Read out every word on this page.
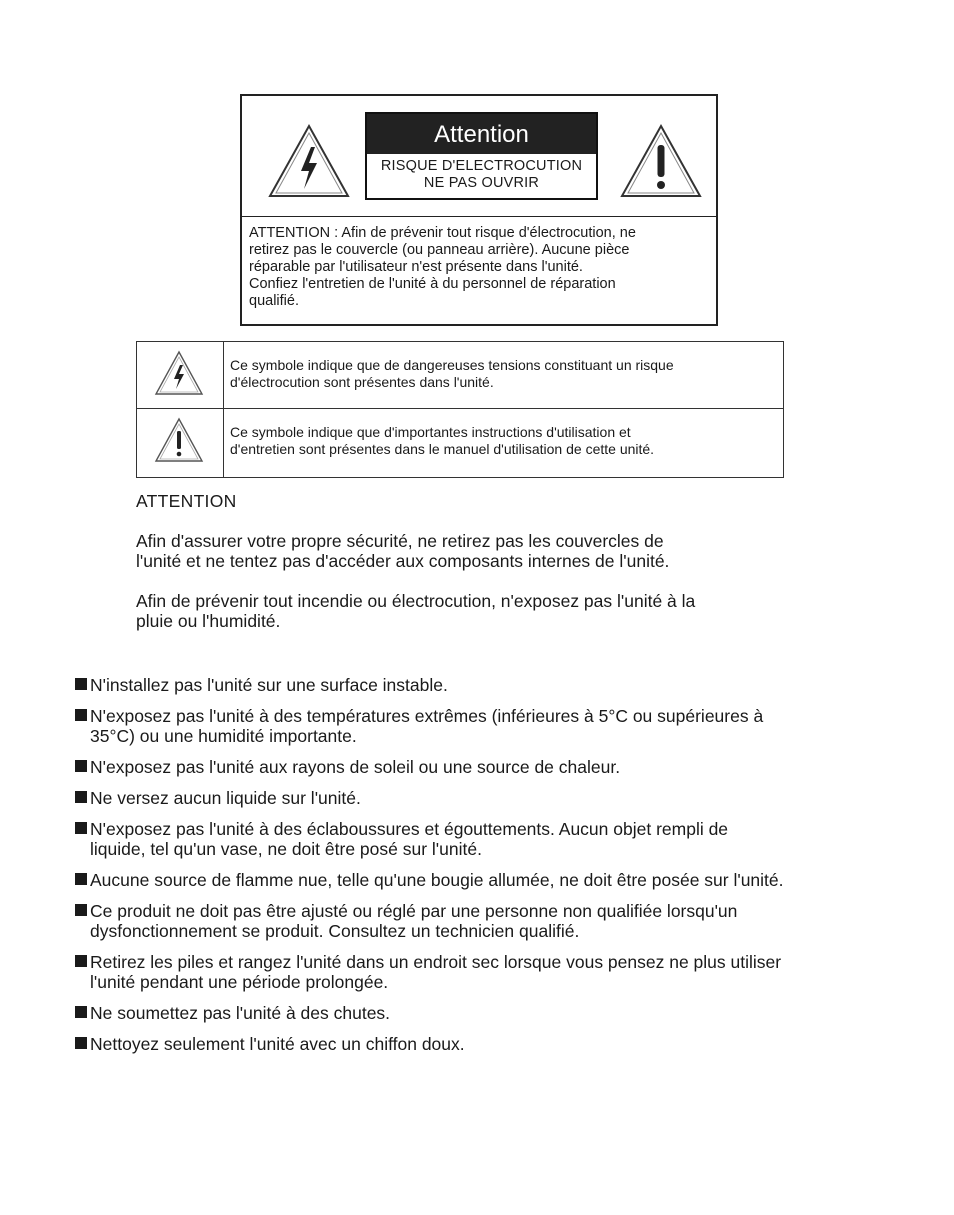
Attention
RISQUE D'ELECTROCUTION
NE PAS OUVRIR
ATTENTION : Afin de prévenir tout risque d'électrocution, ne
retirez pas le couvercle (ou panneau arrière). Aucune pièce
réparable par l'utilisateur n'est présente dans l'unité.
Confiez l'entretien de l'unité à du personnel de réparation
qualifié.
Ce symbole indique que de dangereuses tensions constituant un risque
d'électrocution sont présentes dans l'unité.
Ce symbole indique que d'importantes instructions d'utilisation et
d'entretien sont présentes dans le manuel d'utilisation de cette unité.
ATTENTION
Afin d'assurer votre propre sécurité, ne retirez pas les couvercles de
l'unité et ne tentez pas d'accéder aux composants internes de l'unité.
Afin de prévenir tout incendie ou électrocution, n'exposez pas l'unité à la
pluie ou l'humidité.
N'installez pas l'unité sur une surface instable.
N'exposez pas l'unité à des températures extrêmes (inférieures à 5°C ou supérieures à
35°C) ou une humidité importante.
N'exposez pas l'unité aux rayons de soleil ou une source de chaleur.
Ne versez aucun liquide sur l'unité.
N'exposez pas l'unité à des éclaboussures et égouttements. Aucun objet rempli de
liquide, tel qu'un vase, ne doit être posé sur l'unité.
Aucune source de flamme nue, telle qu'une bougie allumée, ne doit être posée sur l'unité.
Ce produit ne doit pas être ajusté ou réglé par une personne non qualifiée lorsqu'un
dysfonctionnement se produit. Consultez un technicien qualifié.
Retirez les piles et rangez l'unité dans un endroit sec lorsque vous pensez ne plus utiliser
l'unité pendant une période prolongée.
Ne soumettez pas l'unité à des chutes.
Nettoyez seulement l'unité avec un chiffon doux.
